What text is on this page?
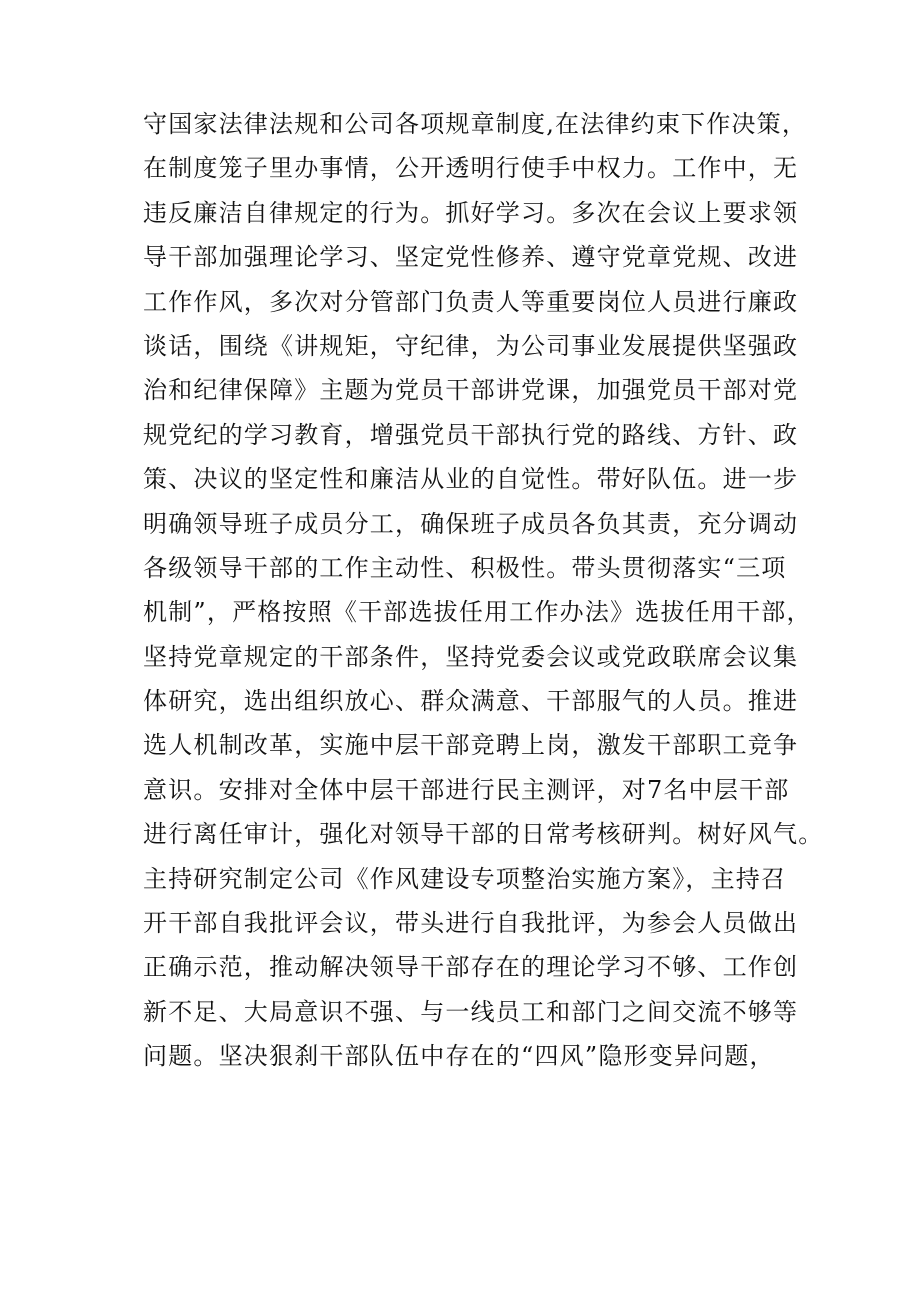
守国家法律法规和公司各项规章制度,在法律约束下作决策，
在制度笼子里办事情，公开透明行使手中权力。工作中，无
违反廉洁自律规定的行为。抓好学习。多次在会议上要求领
导干部加强理论学习、坚定党性修养、遵守党章党规、改进
工作作风，多次对分管部门负责人等重要岗位人员进行廉政
谈话，围绕《讲规矩，守纪律，为公司事业发展提供坚强政
治和纪律保障》主题为党员干部讲党课，加强党员干部对党
规党纪的学习教育，增强党员干部执行党的路线、方针、政
策、决议的坚定性和廉洁从业的自觉性。带好队伍。进一步
明确领导班子成员分工，确保班子成员各负其责，充分调动
各级领导干部的工作主动性、积极性。带头贯彻落实“三项
机制”，严格按照《干部选拔任用工作办法》选拔任用干部，
坚持党章规定的干部条件，坚持党委会议或党政联席会议集
体研究，选出组织放心、群众满意、干部服气的人员。推进
选人机制改革，实施中层干部竞聘上岗，激发干部职工竞争
意识。安排对全体中层干部进行民主测评，对7名中层干部
进行离任审计，强化对领导干部的日常考核研判。树好风气。
主持研究制定公司《作风建设专项整治实施方案》，主持召
开干部自我批评会议，带头进行自我批评，为参会人员做出
正确示范，推动解决领导干部存在的理论学习不够、工作创
新不足、大局意识不强、与一线员工和部门之间交流不够等
问题。坚决狠刹干部队伍中存在的“四风”隐形变异问题，
